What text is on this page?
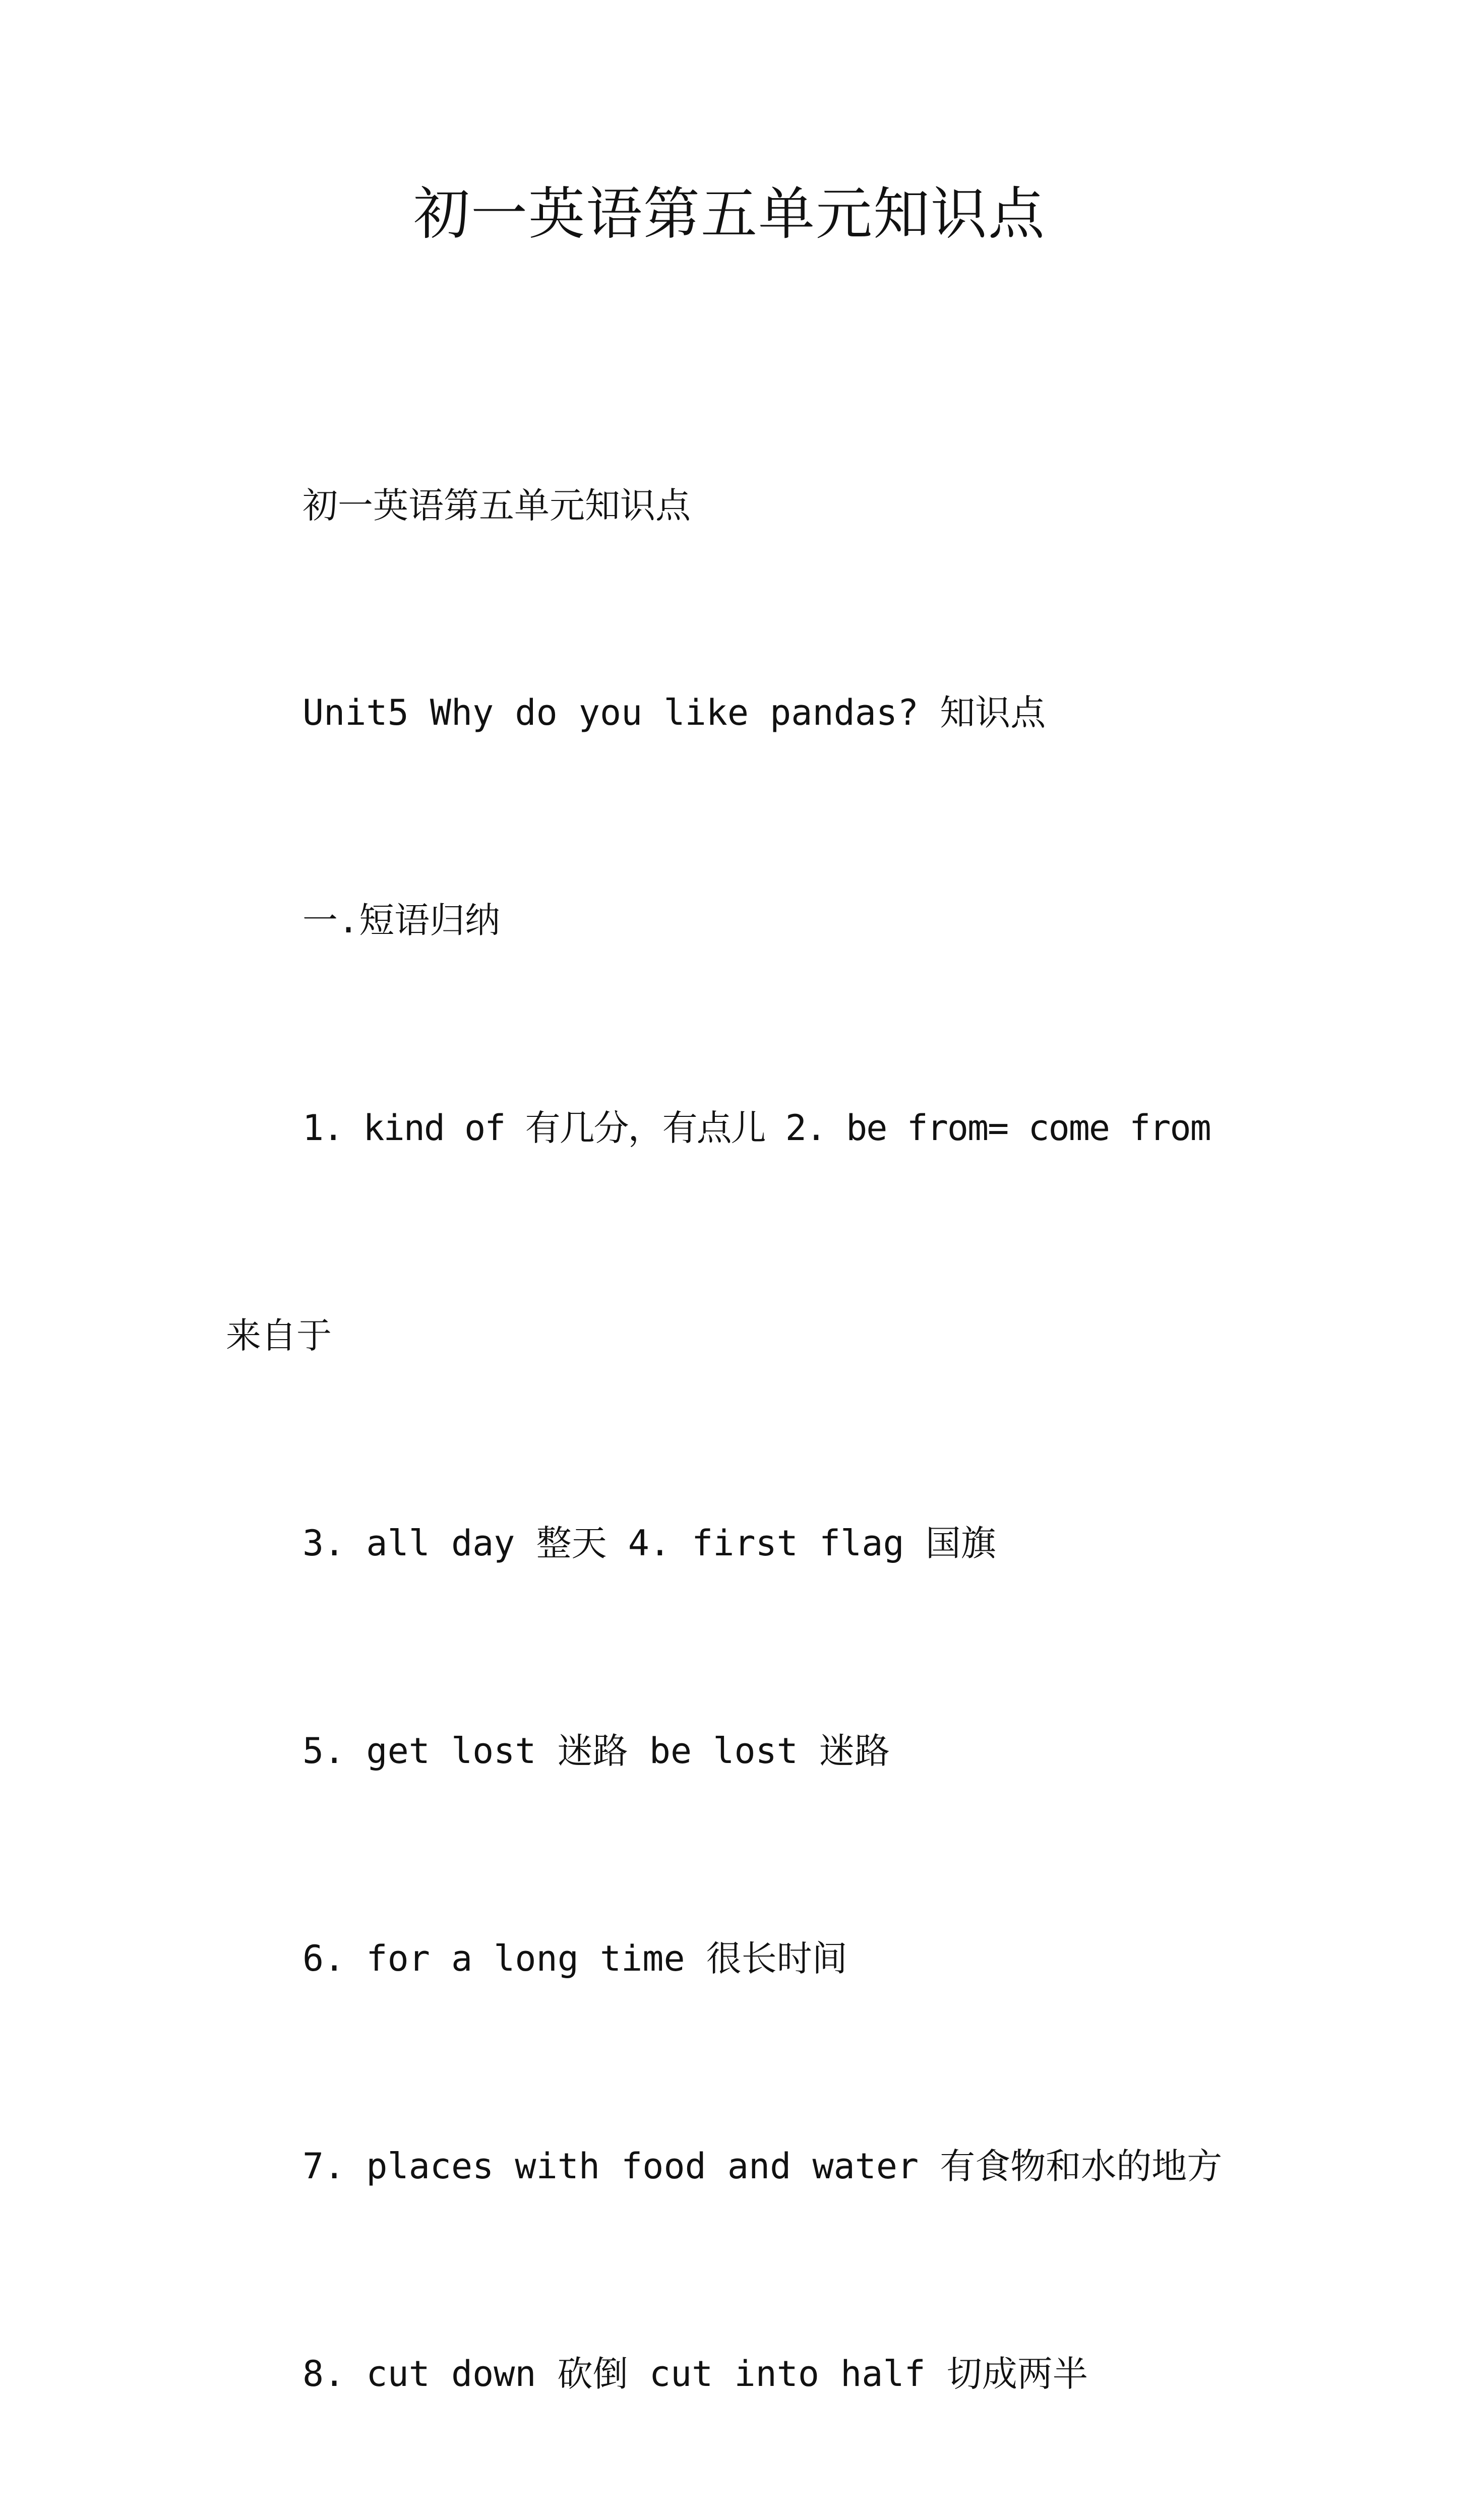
初一英语第五单元知识点

初一英语第五单元知识点

Unit5 Why do you like pandas? 知识点

一.短语归纳

1. kind of 有几分，有点儿 2. be from= come from

来自于

3. all day 整天 4. first flag 国旗

5. get lost 迷路 be lost 迷路

6. for a long time 很长时间

7. places with food and water 有食物和水的地方

8. cut down 砍倒 cut into half 切成两半
